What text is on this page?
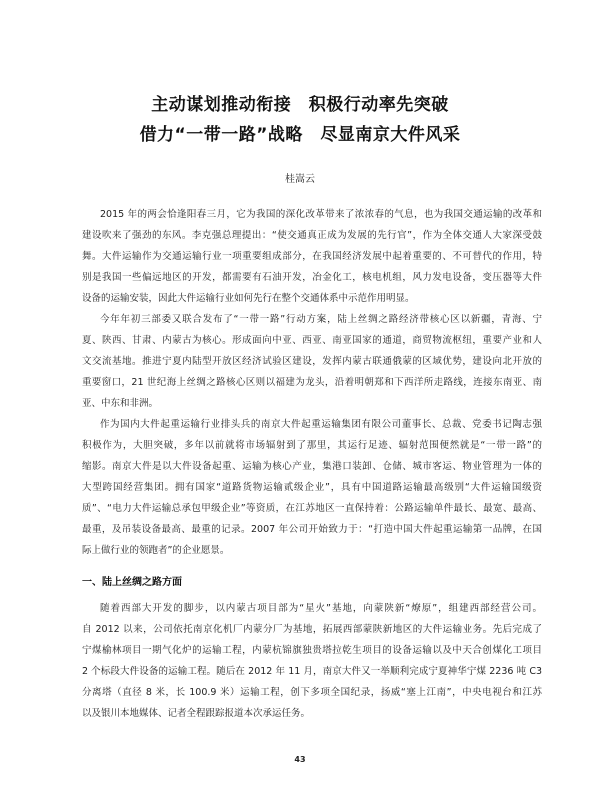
主动谋划推动衔接　积极行动率先突破
借力“一带一路”战略　尽显南京大件风采
桂嵩云
2015 年的两会恰逢阳春三月，它为我国的深化改革带来了浓浓春的气息，也为我国交通运输的改革和
建设吹来了强劲的东风。李克强总理提出：“使交通真正成为发展的先行官”，作为全体交通人大家深受鼓
舞。大件运输作为交通运输行业一项重要组成部分，在我国经济发展中起着重要的、不可替代的作用，特
别是我国一些偏远地区的开发，都需要有石油开发，冶金化工，核电机组，风力发电设备，变压器等大件
设备的运输安装，因此大件运输行业如何先行在整个交通体系中示范作用明显。
今年年初三部委又联合发布了“一带一路”行动方案，陆上丝绸之路经济带核心区以新疆，青海、宁
夏、陕西、甘肃、内蒙古为核心。形成面向中亚、西亚、南亚国家的通道，商贸物流枢纽，重要产业和人
文交流基地。推进宁夏内陆型开放区经济试验区建设，发挥内蒙古联通俄蒙的区域优势，建设向北开放的
重要窗口，21 世纪海上丝绸之路核心区则以福建为龙头，沿着明朝郑和下西洋所走路线，连接东南亚、南
亚、中东和非洲。
作为国内大件起重运输行业排头兵的南京大件起重运输集团有限公司董事长、总裁、党委书记陶志强
积极作为，大胆突破，多年以前就将市场辐射到了那里，其运行足迹、辐射范围便然就是“一带一路”的
缩影。南京大件是以大件设备起重、运输为核心产业，集港口装卸、仓储、城市客运、物业管理为一体的
大型跨国经营集团。拥有国家“道路货物运输贰级企业”，具有中国道路运输最高级别“大件运输国级资
质”、“电力大件运输总承包甲级企业”等资质，在江苏地区一直保持着：公路运输单件最长、最宽、最高、
最重，及吊装设备最高、最重的记录。2007 年公司开始致力于：“打造中国大件起重运输第一品牌，在国
际上做行业的领跑者”的企业愿景。
一、陆上丝绸之路方面
随着西部大开发的脚步，以内蒙古项目部为“星火”基地，向蒙陕新“燎原”，组建西部经营公司。
自 2012 以来，公司依托南京化机厂内蒙分厂为基地，拓展西部蒙陕新地区的大件运输业务。先后完成了
宁煤榆林项目一期气化炉的运输工程，内蒙杭锦旗独贵塔拉乾生项目的设备运输以及中天合创煤化工项目
2 个标段大件设备的运输工程。随后在 2012 年 11 月，南京大件又一举顺利完成宁夏神华宁煤 2236 吨 C3
分离塔（直径 8 米，长 100.9 米）运输工程，创下多项全国纪录，扬威“塞上江南”，中央电视台和江苏
以及银川本地媒体、记者全程跟踪报道本次承运任务。
43
